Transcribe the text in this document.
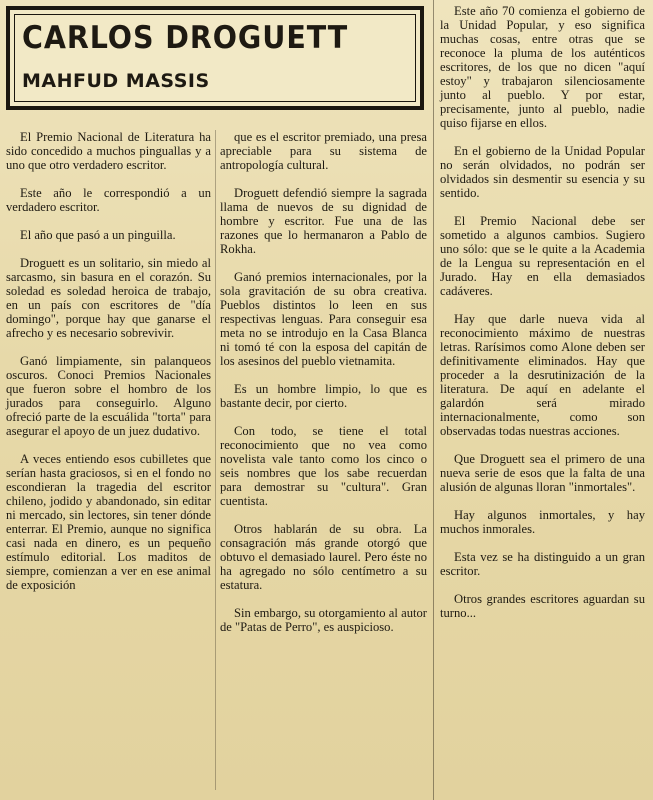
CARLOS DROGUETT
MAHFUD MASSIS

El Premio Nacional de Literatura ha sido concedido a muchos pinguallas y a uno que otro verdadero escritor.

Este año le correspondió a un verdadero escritor.

El año que pasó a un pinguilla.

Droguett es un solitario, sin miedo al sarcasmo, sin basura en el corazón. Su soledad es soledad heroica de trabajo, en un país con escritores de "día domingo", porque hay que ganarse el afrecho y es necesario sobrevivir.

Ganó limpiamente, sin palanqueos oscuros. Conoci Premios Nacionales que fueron sobre el hombro de los jurados para conseguirlo. Alguno ofreció parte de la escuálida "torta" para asegurar el apoyo de un juez dudativo.

A veces entiendo esos cubilletes que serían hasta graciosos, si en el fondo no escondieran la tragedia del escritor chileno, jodido y abandonado, sin editar ni mercado, sin lectores, sin tener dónde enterrar. El Premio, aunque no significa casi nada en dinero, es un pequeño estímulo editorial. Los maditos de siempre, comienzan a ver en ese animal de exposición

que es el escritor premiado, una presa apreciable para su sistema de antropología cultural.

Droguett defendió siempre la sagrada llama de nuevos de su dignidad de hombre y escritor. Fue una de las razones que lo hermanaron a Pablo de Rokha.

Ganó premios internacionales, por la sola gravitación de su obra creativa. Pueblos distintos lo leen en sus respectivas lenguas. Para conseguir esa meta no se introdujo en la Casa Blanca ni tomó té con la esposa del capitán de los asesinos del pueblo vietnamita.

Es un hombre limpio, lo que es bastante decir, por cierto.

Con todo, se tiene el total reconocimiento que no vea como novelista vale tanto como los cinco o seis nombres que los sabe recuerdan para demostrar su "cultura". Gran cuentista.

Otros hablarán de su obra. La consagración más grande otorgó que obtuvo el demasiado laurel. Pero éste no ha agregado no sólo centímetro a su estatura.

Sin embargo, su otorgamiento al autor de "Patas de Perro", es auspicioso.

Este año 70 comienza el gobierno de la Unidad Popular, y eso significa muchas cosas, entre otras que se reconoce la pluma de los auténticos escritores, de los que no dicen "aquí estoy" y trabajaron silenciosamente junto al pueblo. Y por estar, precisamente, junto al pueblo, nadie quiso fijarse en ellos.

En el gobierno de la Unidad Popular no serán olvidados, no podrán ser olvidados sin desmentir su esencia y su sentido.

El Premio Nacional debe ser sometido a algunos cambios. Sugiero uno sólo: que se le quite a la Academia de la Lengua su representación en el Jurado. Hay en ella demasiados cadáveres.

Hay que darle nueva vida al reconocimiento máximo de nuestras letras. Rarísimos como Alone deben ser definitivamente eliminados. Hay que proceder a la desrutinización de la literatura. De aquí en adelante el galardón será mirado internacionalmente, como son observadas todas nuestras acciones.

Que Droguett sea el primero de una nueva serie de esos que la falta de una alusión de algunas lloran "inmortales".

Hay algunos inmortales, y hay muchos inmorales.

Esta vez se ha distinguido a un gran escritor.

Otros grandes escritores aguardan su turno...
